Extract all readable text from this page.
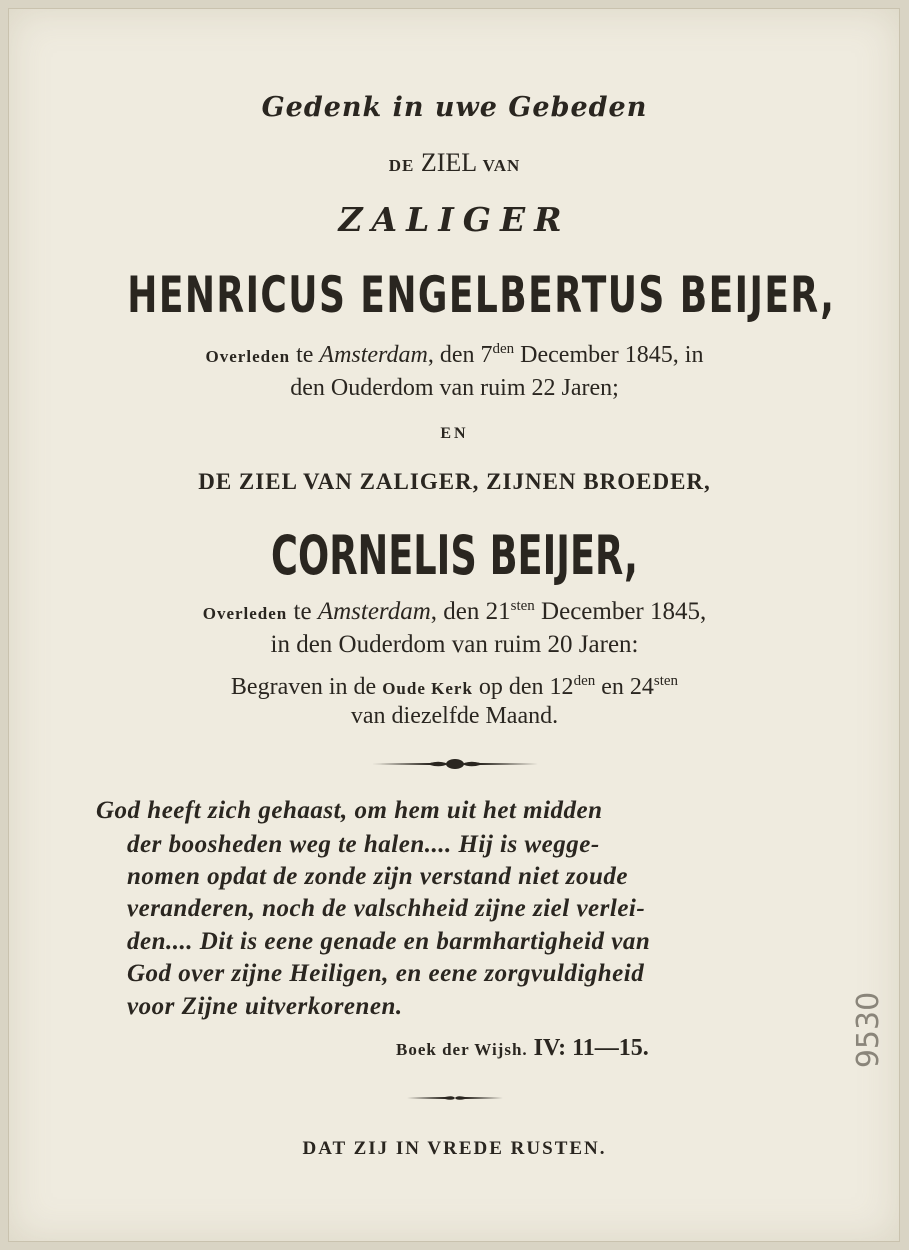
Gedenk in uwe Gebeden
DE ZIEL VAN
ZALIGER
HENRICUS ENGELBERTUS BEIJER,
Overleden te Amsterdam, den $7^{den}$ December 1845, in
den Ouderdom van ruim 22 Jaren;
EN
DE ZIEL VAN ZALIGER, ZIJNEN BROEDER,
CORNELIS BEIJER,
Overleden te Amsterdam, den $21^{sten}$ December 1845,
in den Ouderdom van ruim 20 Jaren:
Begraven in de Oude Kerk op den $12^{den}$ en $24^{sten}$
van diezelfde Maand.
God heeft zich gehaast, om hem uit het midden
der boosheden weg te halen.... Hij is wegge-
nomen opdat de zonde zijn verstand niet zoude
veranderen, noch de valschheid zijne ziel verlei-
den.... Dit is eene genade en barmhartigheid van
God over zijne Heiligen, en eene zorgvuldigheid
voor Zijne uitverkorenen.
Boek der Wijsh. IV: 11—15.
DAT ZIJ IN VREDE RUSTEN.
9530
